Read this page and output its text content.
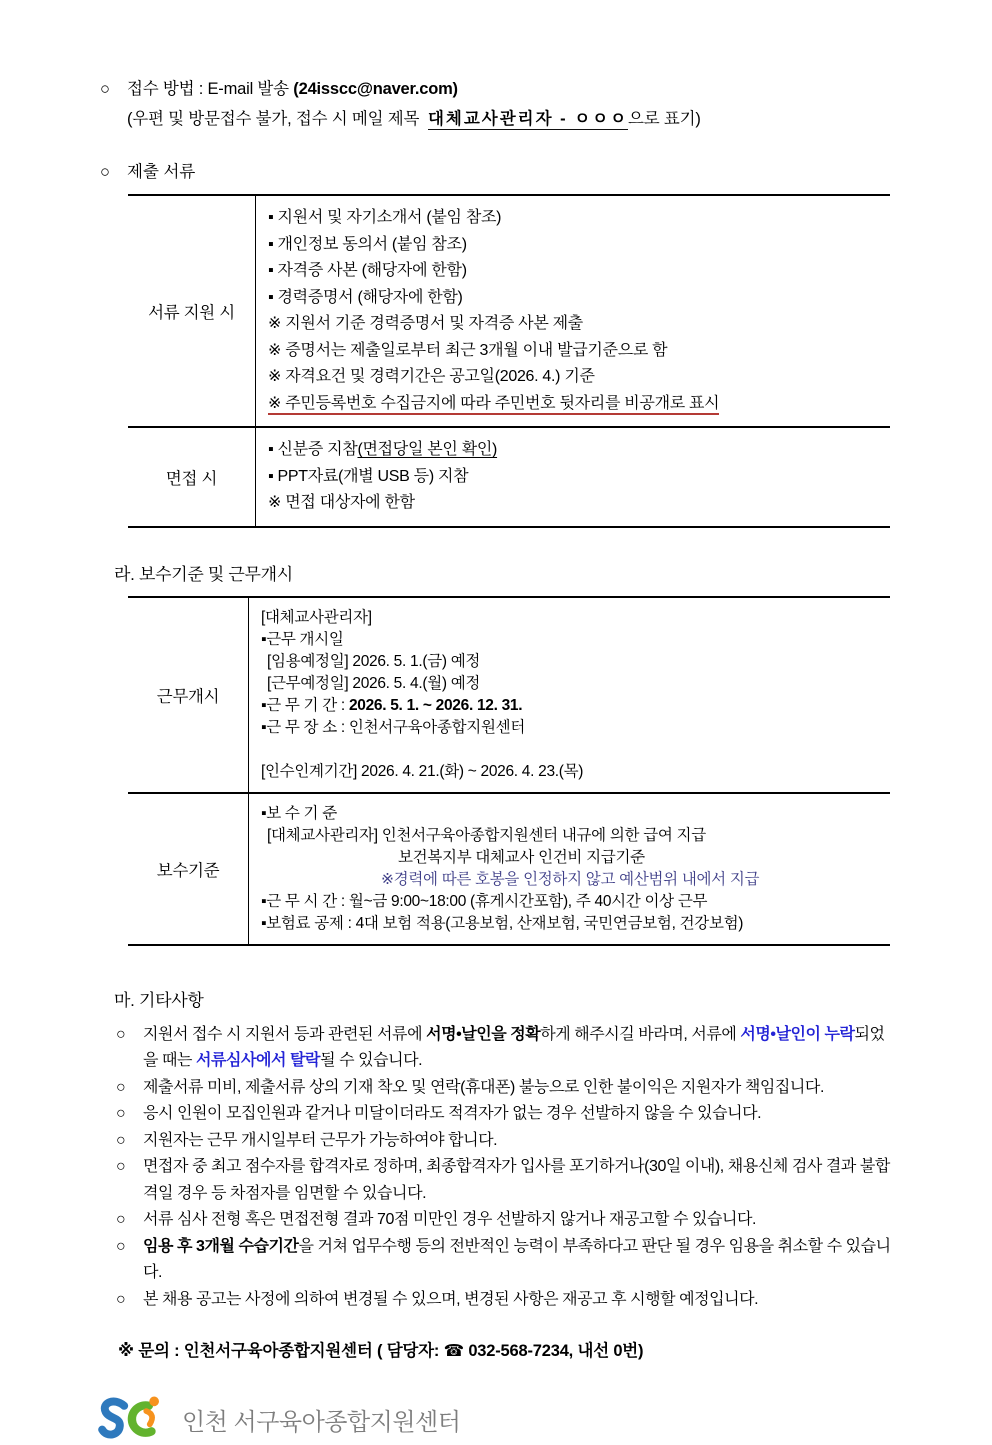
○ 접수 방법 : E-mail 발송 (24isscc@naver.com)
(우편 및 방문접수 불가, 접수 시 메일 제목  대체교사관리자 - ㅇㅇㅇ으로 표기)
○ 제출 서류
서류 지원 시
▪ 지원서 및 자기소개서 (붙임 참조)
▪ 개인정보 동의서 (붙임 참조)
▪ 자격증 사본 (해당자에 한함)
▪ 경력증명서 (해당자에 한함)
※ 지원서 기준 경력증명서 및 자격증 사본 제출
※ 증명서는 제출일로부터 최근 3개월 이내 발급기준으로 함
※ 자격요건 및 경력기간은 공고일(2026. 4.) 기준
※ 주민등록번호 수집금지에 따라 주민번호 뒷자리를 비공개로 표시
면접 시
▪ 신분증 지참(면접당일 본인 확인)
▪ PPT자료(개별 USB 등) 지참
※ 면접 대상자에 한함
라. 보수기준 및 근무개시
근무개시
[대체교사관리자]
▪근무 개시일
[임용예정일] 2026. 5. 1.(금) 예정
[근무예정일] 2026. 5. 4.(월) 예정
▪근 무 기 간 : 2026. 5. 1. ~ 2026. 12. 31.
▪근 무 장 소 : 인천서구육아종합지원센터
[인수인계기간] 2026. 4. 21.(화) ~ 2026. 4. 23.(목)
보수기준
▪보 수 기 준
[대체교사관리자] 인천서구육아종합지원센터 내규에 의한 급여 지급
보건복지부 대체교사 인건비 지급기준
※경력에 따른 호봉을 인정하지 않고 예산범위 내에서 지급
▪근 무 시 간 : 월~금 9:00~18:00 (휴게시간포함), 주 40시간 이상 근무
▪보험료 공제 : 4대 보험 적용(고용보험, 산재보험, 국민연금보험, 건강보험)
마. 기타사항
○	지원서 접수 시 지원서 등과 관련된 서류에 서명•날인을 정확하게 해주시길 바라며, 서류에 서명•날인이 누락되었을 때는 서류심사에서 탈락될 수 있습니다.
○	제출서류 미비, 제출서류 상의 기재 착오 및 연락(휴대폰) 불능으로 인한 불이익은 지원자가 책임집니다.
○	응시 인원이 모집인원과 같거나 미달이더라도 적격자가 없는 경우 선발하지 않을 수 있습니다.
○	지원자는 근무 개시일부터 근무가 가능하여야 합니다.
○	면접자 중 최고 점수자를 합격자로 정하며, 최종합격자가 입사를 포기하거나(30일 이내), 채용신체 검사 결과 불합격일 경우 등 차점자를 임면할 수 있습니다.
○	서류 심사 전형 혹은 면접전형 결과 70점 미만인 경우 선발하지 않거나 재공고할 수 있습니다.
○	임용 후 3개월 수습기간을 거쳐 업무수행 등의 전반적인 능력이 부족하다고 판단 될 경우 임용을 취소할 수 있습니다.
○	본 채용 공고는 사정에 의하여 변경될 수 있으며, 변경된 사항은 재공고 후 시행할 예정입니다.

※ 문의 : 인천서구육아종합지원센터 ( 담당자: ☎ 032-568-7234, 내선 0번)

인천 서구육아종합지원센터
